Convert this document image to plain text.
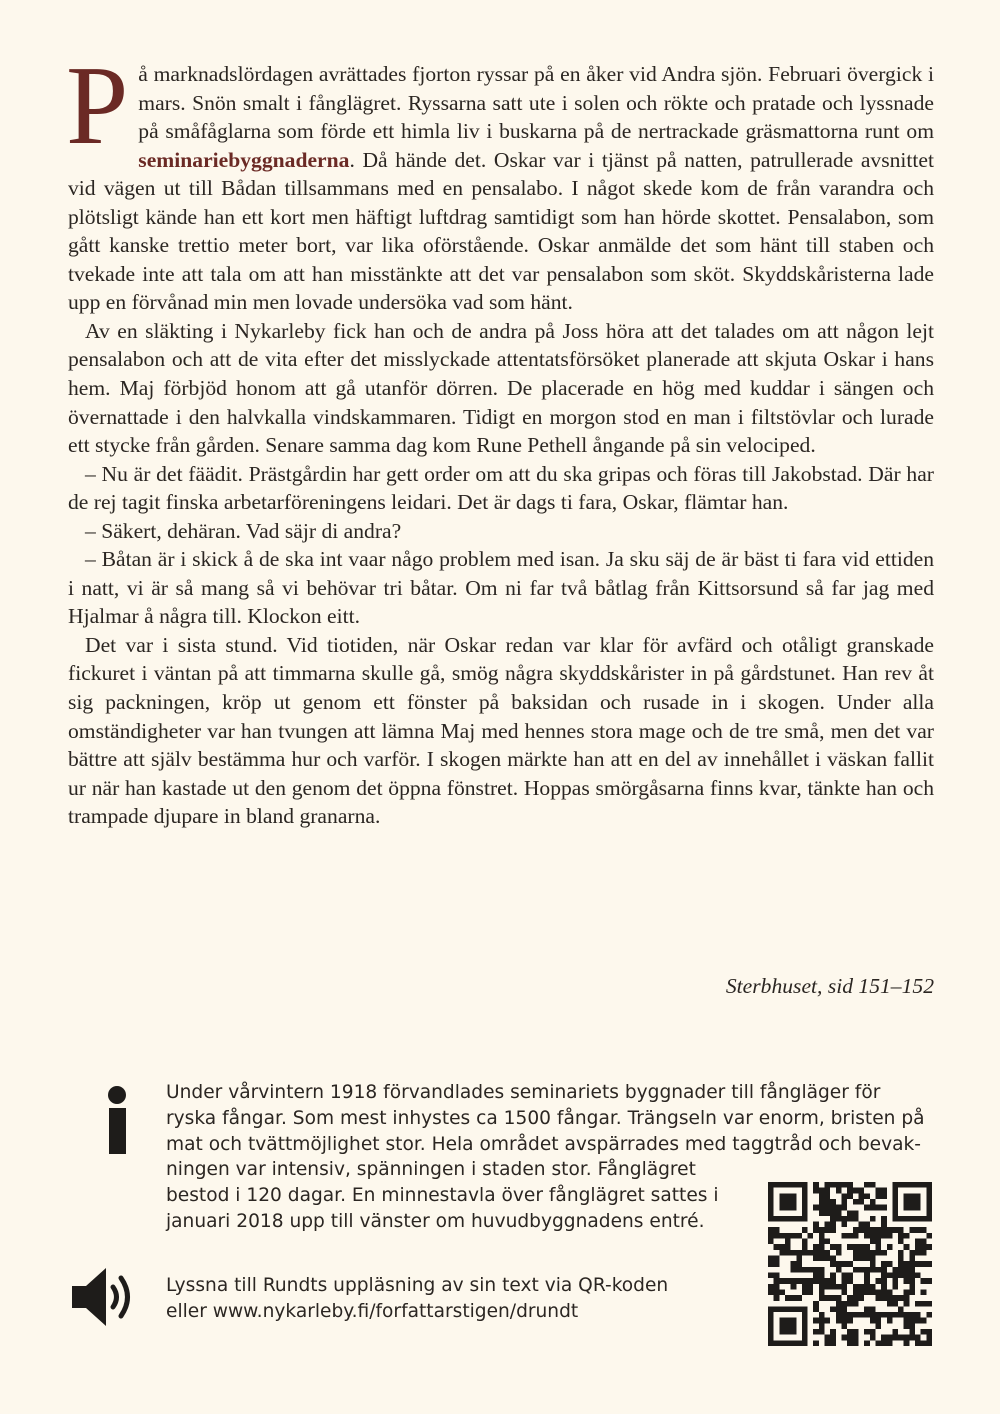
På marknadslördagen avrättades fjorton ryssar på en åker vid Andra sjön. Februari övergick i mars. Snön smalt i fånglägret. Ryssarna satt ute i solen och rökte och pratade och lyssnade på småfåglarna som förde ett himla liv i buskarna på de nertrackade gräsmattorna runt om seminariebyggnaderna. Då hände det. Oskar var i tjänst på natten, patrullerade avsnittet vid vägen ut till Bådan tillsammans med en pensalabo. I något skede kom de från varandra och plötsligt kände han ett kort men häftigt luftdrag samtidigt som han hörde skottet. Pensalabon, som gått kanske trettio meter bort, var lika oförstående. Oskar anmälde det som hänt till staben och tvekade inte att tala om att han misstänkte att det var pensalabon som sköt. Skyddskåristerna lade upp en förvånad min men lovade undersöka vad som hänt.

Av en släkting i Nykarleby fick han och de andra på Joss höra att det talades om att någon lejt pensalabon och att de vita efter det misslyckade attentatsförsöket planerade att skjuta Oskar i hans hem. Maj förbjöd honom att gå utanför dörren. De placerade en hög med kuddar i sängen och övernattade i den halvkalla vindskammaren. Tidigt en morgon stod en man i filtstövlar och lurade ett stycke från gården. Senare samma dag kom Rune Pethell ångande på sin velociped.

– Nu är det fäädit. Prästgårdin har gett order om att du ska gripas och föras till Jakobstad. Där har de rej tagit finska arbetarföreningens leidari. Det är dags ti fara, Oskar, flämtar han.

– Säkert, dehäran. Vad säjr di andra?

– Båtan är i skick å de ska int vaar någo problem med isan. Ja sku säj de är bäst ti fara vid ettiden i natt, vi är så mang så vi behövar tri båtar. Om ni far två båtlag från Kittsorsund så far jag med Hjalmar å några till. Klockon eitt.

Det var i sista stund. Vid tiotiden, när Oskar redan var klar för avfärd och otåligt granskade fickuret i väntan på att timmarna skulle gå, smög några skyddskårister in på gårdstunet. Han rev åt sig packningen, kröp ut genom ett fönster på baksidan och rusade in i skogen. Under alla omständigheter var han tvungen att lämna Maj med hennes stora mage och de tre små, men det var bättre att själv bestämma hur och varför. I skogen märkte han att en del av innehållet i väskan fallit ur när han kastade ut den genom det öppna fönstret. Hoppas smörgåsarna finns kvar, tänkte han och trampade djupare in bland granarna.

Sterbhuset, sid 151–152
Under vårvintern 1918 förvandlades seminariets byggnader till fångläger för
ryska fångar. Som mest inhystes ca 1500 fångar. Trängseln var enorm, bristen på
mat och tvättmöjlighet stor. Hela området avspärrades med taggtråd och bevak-
ningen var intensiv, spänningen i staden stor. Fånglägret
bestod i 120 dagar. En minnestavla över fånglägret sattes i
januari 2018 upp till vänster om huvudbyggnadens entré.
Lyssna till Rundts uppläsning av sin text via QR-koden
eller www.nykarleby.fi/forfattarstigen/drundt
